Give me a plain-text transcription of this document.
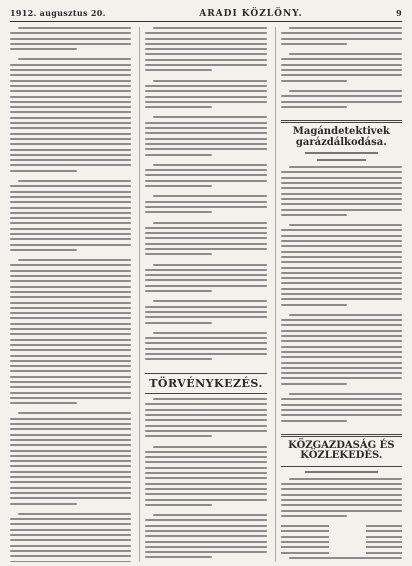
1912. augusztus 20.	ARADI KÖZLÖNY.	9
TÖRVÉNYKEZÉS.
Magándetektivek garázdálkodása.
KÖZGAZDASÁG ÉS KÖZLEKEDÉS.
